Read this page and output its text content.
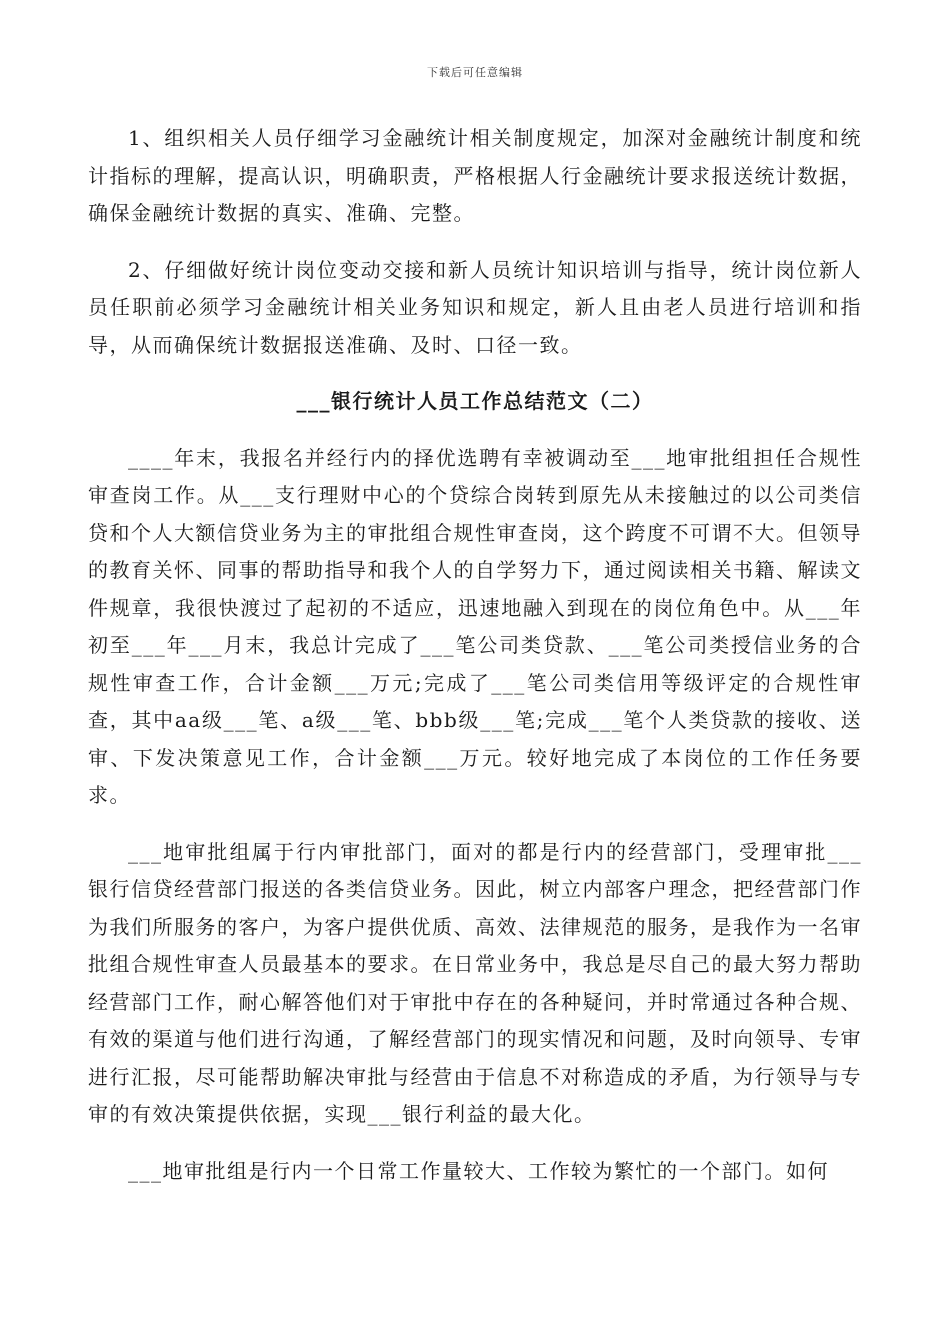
下载后可任意编辑

1、组织相关人员仔细学习金融统计相关制度规定，加深对金融统计制度和统计指标的理解，提高认识，明确职责，严格根据人行金融统计要求报送统计数据，确保金融统计数据的真实、准确、完整。

2、仔细做好统计岗位变动交接和新人员统计知识培训与指导，统计岗位新人员任职前必须学习金融统计相关业务知识和规定，新人且由老人员进行培训和指导，从而确保统计数据报送准确、及时、口径一致。

___银行统计人员工作总结范文（二）

____年末，我报名并经行内的择优选聘有幸被调动至___地审批组担任合规性审查岗工作。从___支行理财中心的个贷综合岗转到原先从未接触过的以公司类信贷和个人大额信贷业务为主的审批组合规性审查岗，这个跨度不可谓不大。但领导的教育关怀、同事的帮助指导和我个人的自学努力下，通过阅读相关书籍、解读文件规章，我很快渡过了起初的不适应，迅速地融入到现在的岗位角色中。从___年初至___年___月末，我总计完成了___笔公司类贷款、___笔公司类授信业务的合规性审查工作，合计金额___万元;完成了___笔公司类信用等级评定的合规性审查，其中aa级___笔、a级___笔、bbb级___笔;完成___笔个人类贷款的接收、送审、下发决策意见工作，合计金额___万元。较好地完成了本岗位的工作任务要求。

___地审批组属于行内审批部门，面对的都是行内的经营部门，受理审批___银行信贷经营部门报送的各类信贷业务。因此，树立内部客户理念，把经营部门作为我们所服务的客户，为客户提供优质、高效、法律规范的服务，是我作为一名审批组合规性审查人员最基本的要求。在日常业务中，我总是尽自己的最大努力帮助经营部门工作，耐心解答他们对于审批中存在的各种疑问，并时常通过各种合规、有效的渠道与他们进行沟通，了解经营部门的现实情况和问题，及时向领导、专审进行汇报，尽可能帮助解决审批与经营由于信息不对称造成的矛盾，为行领导与专审的有效决策提供依据，实现___银行利益的最大化。

___地审批组是行内一个日常工作量较大、工作较为繁忙的一个部门。如何
